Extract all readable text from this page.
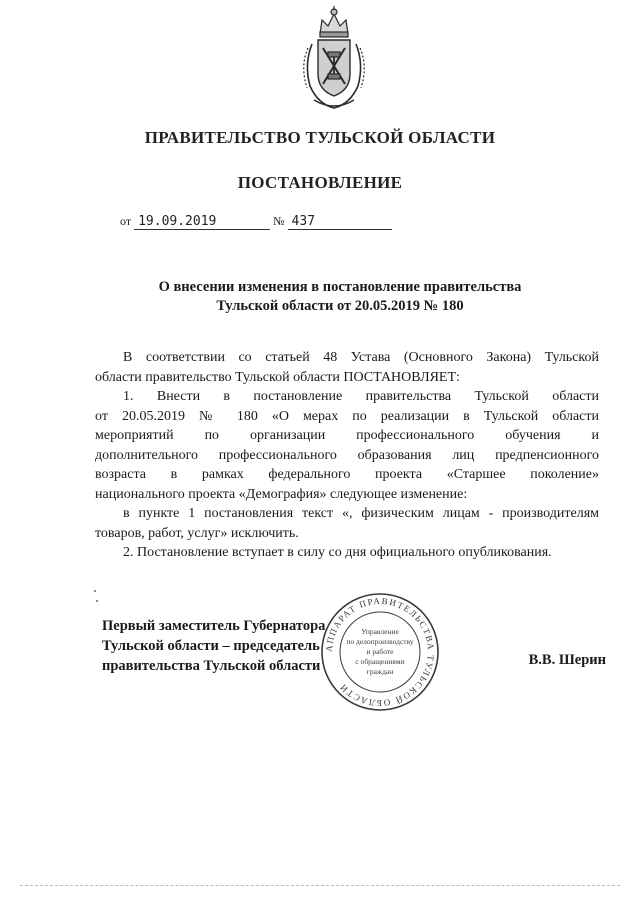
ПРАВИТЕЛЬСТВО ТУЛЬСКОЙ ОБЛАСТИ
ПОСТАНОВЛЕНИЕ
от 19.09.2019	№ 437
О внесении изменения в постановление правительства
Тульской области от 20.05.2019 № 180
В соответствии со статьей 48 Устава (Основного Закона) Тульской
области правительство Тульской области ПОСТАНОВЛЯЕТ:
1. Внести в постановление правительства Тульской области
от 20.05.2019 № 180 «О мерах по реализации в Тульской области
мероприятий по организации профессионального обучения и
дополнительного профессионального образования лиц предпенсионного
возраста в рамках федерального проекта «Старшее поколение»
национального проекта «Демография» следующее изменение:
в пункте 1 постановления текст «, физическим лицам - производителям
товаров, работ, услуг» исключить.
2. Постановление вступает в силу со дня официального опубликования.
Первый заместитель Губернатора
Тульской области – председатель
правительства Тульской области	В.В. Шерин
АППАРАТ ПРАВИТЕЛЬСТВА ТУЛЬСКОЙ ОБЛАСТИ
Управление
по делопроизводству
и работе
с обращениями
граждан
